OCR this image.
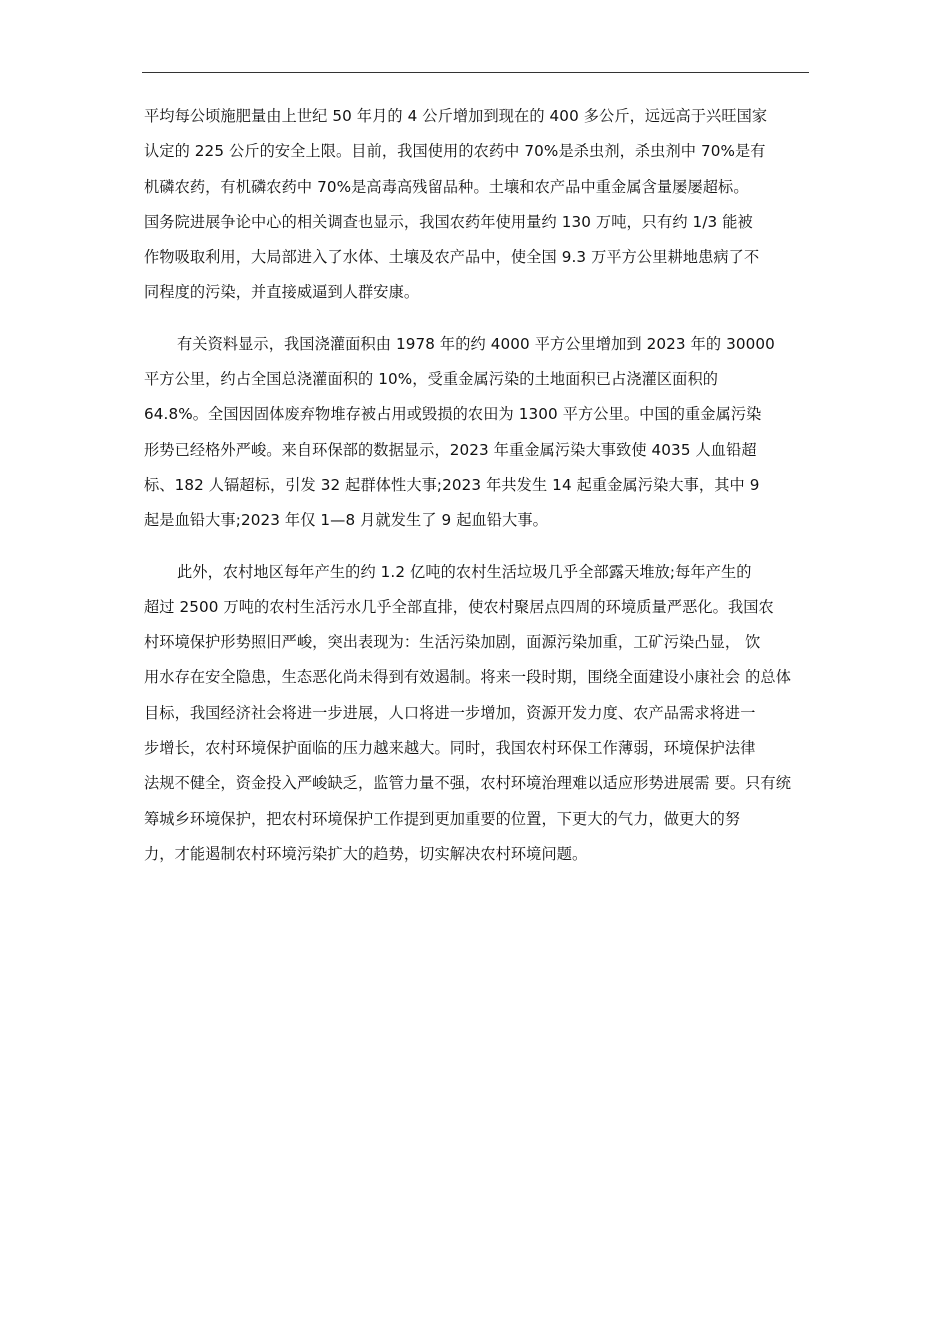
平均每公顷施肥量由上世纪 50 年月的 4 公斤增加到现在的 400 多公斤，远远高于兴旺国家
认定的 225 公斤的安全上限。目前，我国使用的农药中 70%是杀虫剂，杀虫剂中 70%是有
机磷农药，有机磷农药中 70%是高毒高残留品种。土壤和农产品中重金属含量屡屡超标。
国务院进展争论中心的相关调查也显示，我国农药年使用量约 130 万吨，只有约 1/3 能被
作物吸取利用，大局部进入了水体、土壤及农产品中，使全国 9.3 万平方公里耕地患病了不
同程度的污染，并直接威逼到人群安康。
有关资料显示，我国浇灌面积由 1978 年的约 4000 平方公里增加到 2023 年的 30000
平方公里，约占全国总浇灌面积的 10%，受重金属污染的土地面积已占浇灌区面积的
64.8%。全国因固体废弃物堆存被占用或毁损的农田为 1300 平方公里。中国的重金属污染
形势已经格外严峻。来自环保部的数据显示，2023 年重金属污染大事致使 4035 人血铅超
标、182 人镉超标，引发 32 起群体性大事;2023 年共发生 14 起重金属污染大事，其中 9
起是血铅大事;2023 年仅 1—8 月就发生了 9 起血铅大事。
此外，农村地区每年产生的约 1.2 亿吨的农村生活垃圾几乎全部露天堆放;每年产生的
超过 2500 万吨的农村生活污水几乎全部直排，使农村聚居点四周的环境质量严恶化。我国农
村环境保护形势照旧严峻，突出表现为：生活污染加剧，面源污染加重，工矿污染凸显， 饮
用水存在安全隐患，生态恶化尚未得到有效遏制。将来一段时期，围绕全面建设小康社会 的总体
目标，我国经济社会将进一步进展，人口将进一步增加，资源开发力度、农产品需求将进一
步增长，农村环境保护面临的压力越来越大。同时，我国农村环保工作薄弱，环境保护法律
法规不健全，资金投入严峻缺乏，监管力量不强，农村环境治理难以适应形势进展需 要。只有统
筹城乡环境保护，把农村环境保护工作提到更加重要的位置，下更大的气力，做更大的努
力，才能遏制农村环境污染扩大的趋势，切实解决农村环境问题。
